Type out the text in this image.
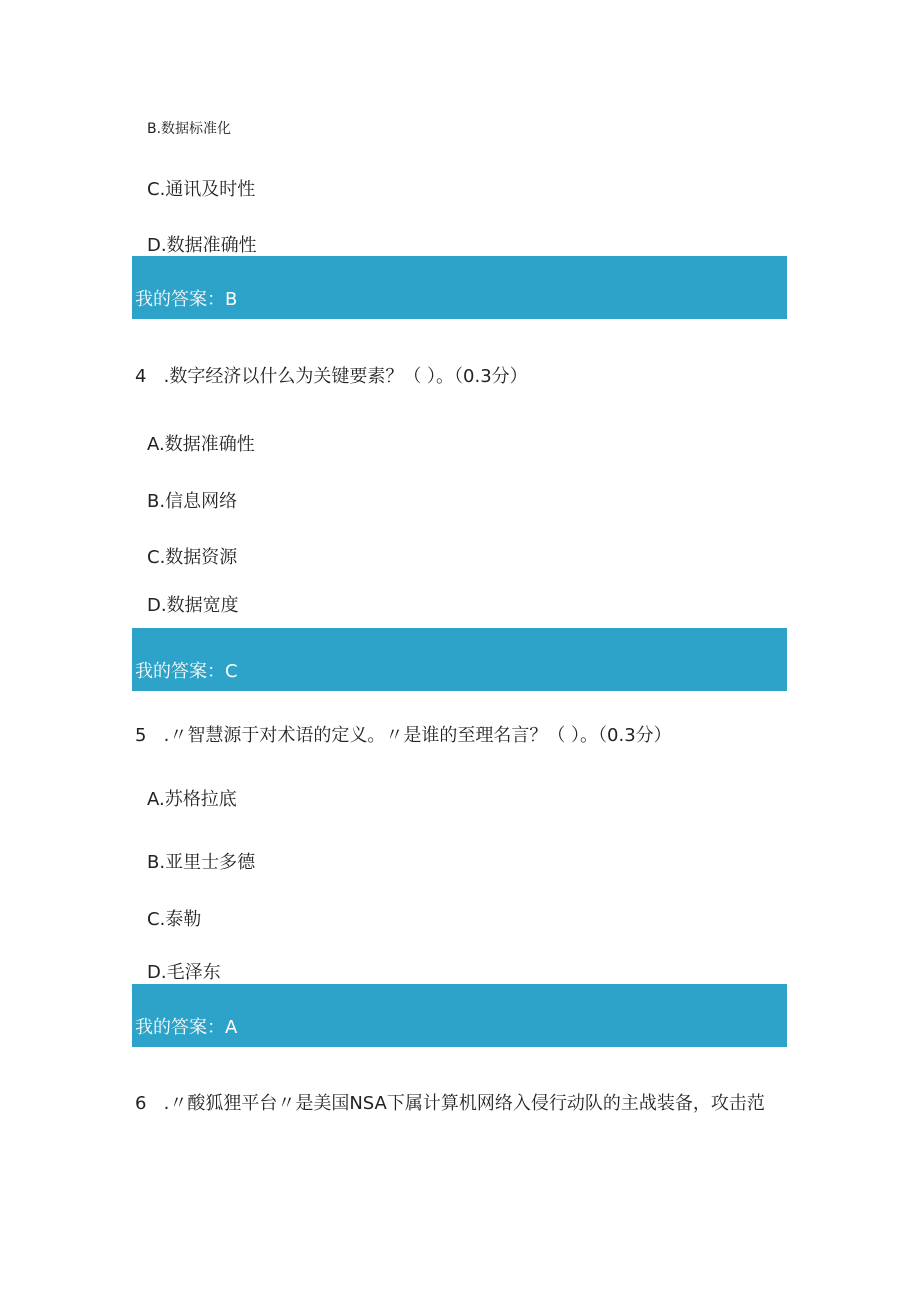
B.数据标准化
C.通讯及时性
D.数据准确性
我的答案：B
4   .数字经济以什么为关键要素？（ ）。（0.3分）
A.数据准确性
B.信息网络
C.数据资源
D.数据宽度
我的答案：C
5   .〃智慧源于对术语的定义。〃是谁的至理名言？（ ）。（0.3分）
A.苏格拉底
B.亚里士多德
C.泰勒
D.毛泽东
我的答案：A
6   .〃酸狐狸平台〃是美国NSA下属计算机网络入侵行动队的主战装备，攻击范
